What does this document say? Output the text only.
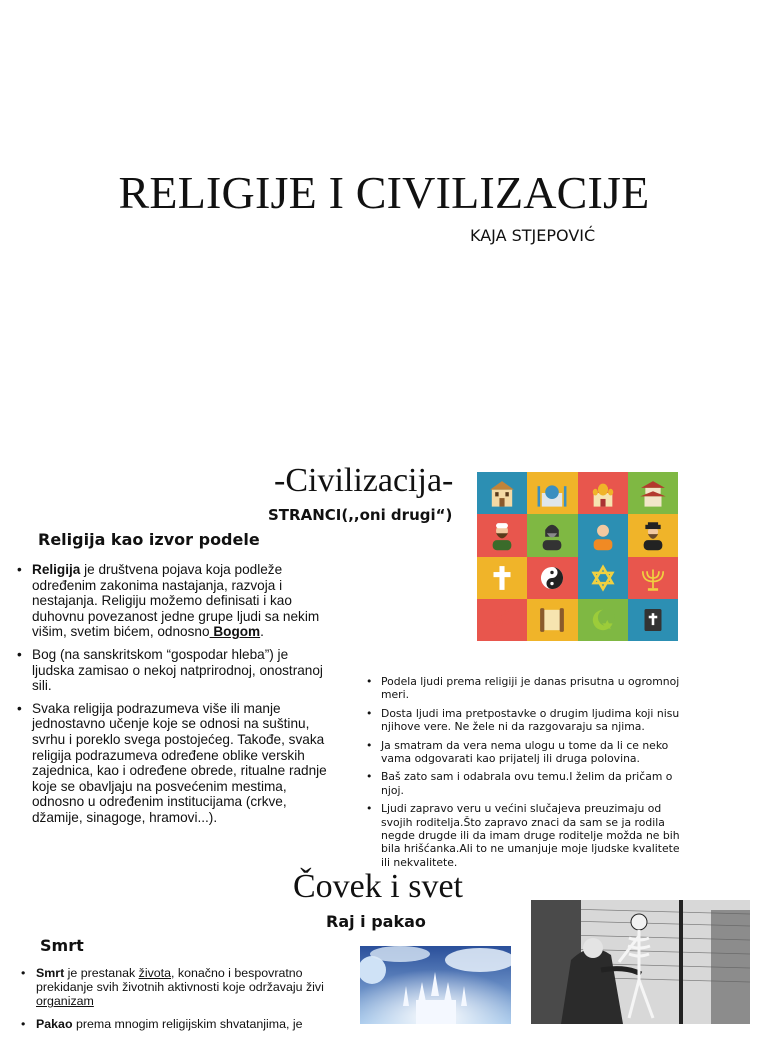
RELIGIJE I CIVILIZACIJE
KAJA STJEPOVIĆ
-Civilizacija-
STRANCI(,,oni drugi“)
Religija kao izvor podele
• Religija je društvena pojava koja podleže određenim zakonima nastajanja, razvoja i nestajanja. Religiju možemo definisati i kao duhovnu povezanost jedne grupe ljudi sa nekim višim, svetim bićem, odnosno Bogom.
• Bog (na sanskritskom “gospodar hleba”) je ljudska zamisao o nekoj natprirodnoj, onostranoj sili.
• Svaka religija podrazumeva više ili manje jednostavno učenje koje se odnosi na suštinu, svrhu i poreklo svega postojećeg. Takođe, svaka religija podrazumeva određene oblike verskih zajednica, kao i određene obrede, ritualne radnje koje se obavljaju na posvećenim mestima, odnosno u određenim institucijama (crkve, džamije, sinagoge, hramovi...).
ॐ
• Podela ljudi prema religiji je danas prisutna u ogromnoj meri.
• Dosta ljudi ima pretpostavke o drugim ljudima koji nisu njihove vere. Ne žele ni da razgovaraju sa njima.
• Ja smatram da vera nema ulogu u tome da li ce neko vama odgovarati kao prijatelj ili druga polovina.
• Baš zato sam i odabrala ovu temu.I želim da pričam o njoj.
• Ljudi zapravo veru u većini slučajeva preuzimaju od svojih roditelja.Što zapravo znaci da sam se ja rodila negde drugde ili da imam druge roditelje možda ne bih bila hrišćanka.Ali to ne umanjuje moje ljudske kvalitete ili nekvalitete.
Čovek i svet
Raj i pakao
Smrt
• Smrt je prestanak života, konačno i bespovratno prekidanje svih životnih aktivnosti koje održavaju živi organizam
• Pakao prema mnogim religijskim shvatanjima, je
